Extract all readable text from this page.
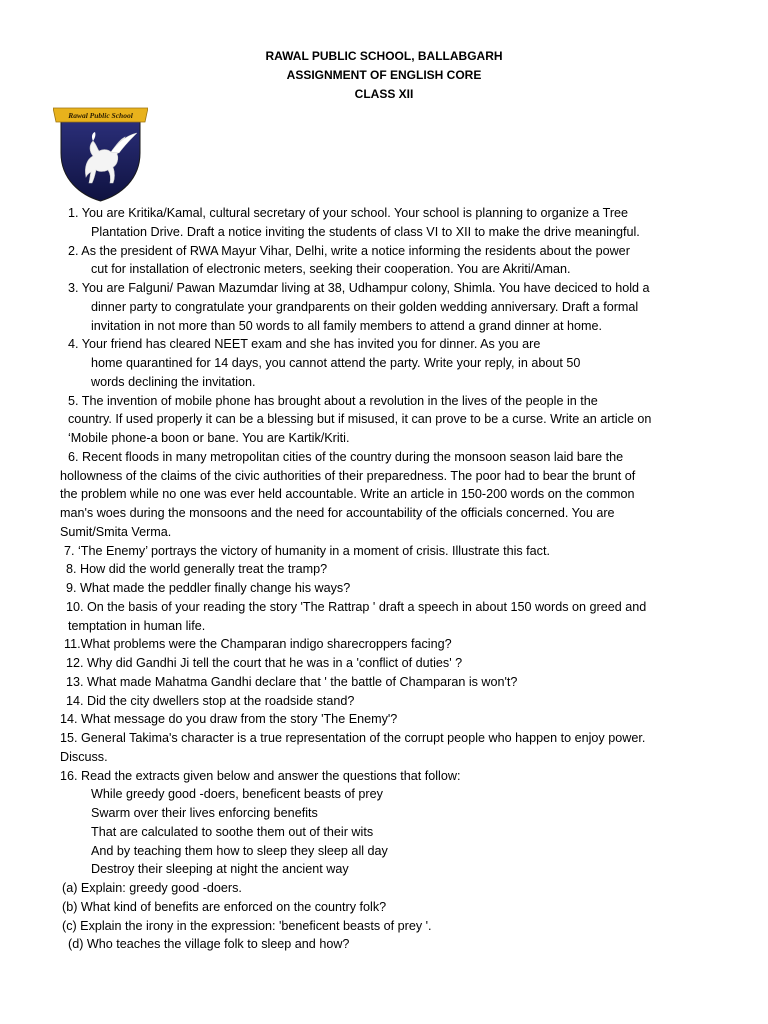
RAWAL PUBLIC SCHOOL, BALLABGARH
ASSIGNMENT OF ENGLISH CORE
CLASS XII
Rawal Public School
1. You are Kritika/Kamal, cultural secretary of your school. Your school is planning to organize a Tree
Plantation Drive. Draft a notice inviting the students of class VI to XII to make the drive meaningful.
2. As the president of RWA Mayur Vihar, Delhi, write a notice informing the residents about the power
cut for installation of electronic meters, seeking their cooperation. You are Akriti/Aman.
3. You are Falguni/ Pawan Mazumdar living at 38, Udhampur colony, Shimla. You have deciced to hold a
dinner party to congratulate your grandparents on their golden wedding anniversary. Draft a formal
invitation in not more than 50 words to all family members to attend a grand dinner at home.
4. Your friend has cleared NEET exam and she has invited you for dinner. As you are
home quarantined for 14 days, you cannot attend the party. Write your reply, in about 50
words declining the invitation.
5. The invention of mobile phone has brought about a revolution in the lives of the people in the
country. If used properly it can be a blessing but if misused, it can prove to be a curse. Write an article on
‘Mobile phone-a boon or bane. You are Kartik/Kriti.
6. Recent floods in many metropolitan cities of the country during the monsoon season laid bare the
hollowness of the claims of the civic authorities of their preparedness. The poor had to bear the brunt of
the problem while no one was ever held accountable. Write an article in 150-200 words on the common
man's woes during the monsoons and the need for accountability of the officials concerned. You are
Sumit/Smita Verma.
7. ‘The Enemy’ portrays the victory of humanity in a moment of crisis. Illustrate this fact.
8. How did the world generally treat the tramp?
9. What made the peddler finally change his ways?
10. On the basis of your reading the story 'The Rattrap ' draft a speech in about 150 words on greed and
temptation in human life.
11.What problems were the Champaran indigo sharecroppers facing?
12. Why did Gandhi Ji tell the court that he was in a 'conflict of duties' ?
13. What made Mahatma Gandhi declare that ' the battle of Champaran is won't?
14. Did the city dwellers stop at the roadside stand?
14. What message do you draw from the story 'The Enemy'?
15. General Takima's character is a true representation of the corrupt people who happen to enjoy power.
Discuss.
16. Read the extracts given below and answer the questions that follow:
While greedy good -doers, beneficent beasts of prey
Swarm over their lives enforcing benefits
That are calculated to soothe them out of their wits
And by teaching them how to sleep they sleep all day
Destroy their sleeping at night the ancient way
(a) Explain: greedy good -doers.
(b) What kind of benefits are enforced on the country folk?
(c) Explain the irony in the expression: 'beneficent beasts of prey '.
(d) Who teaches the village folk to sleep and how?
